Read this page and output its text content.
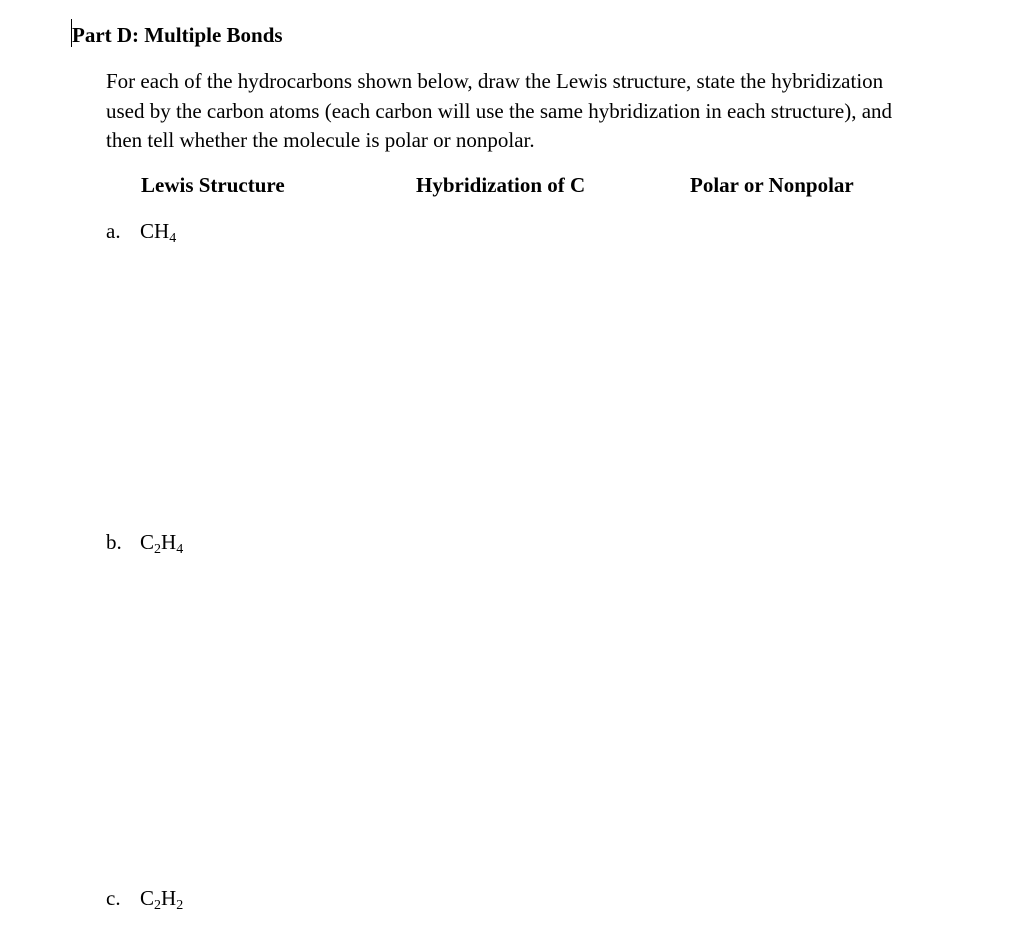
Part D: Multiple Bonds

For each of the hydrocarbons shown below, draw the Lewis structure, state the hybridization

used by the carbon atoms (each carbon will use the same hybridization in each structure), and

then tell whether the molecule is polar or nonpolar.

Lewis Structure	Hybridization of C	Polar or Nonpolar
a. $CH_4$
b. $C_2H_4$
c. $C_2H_2$
